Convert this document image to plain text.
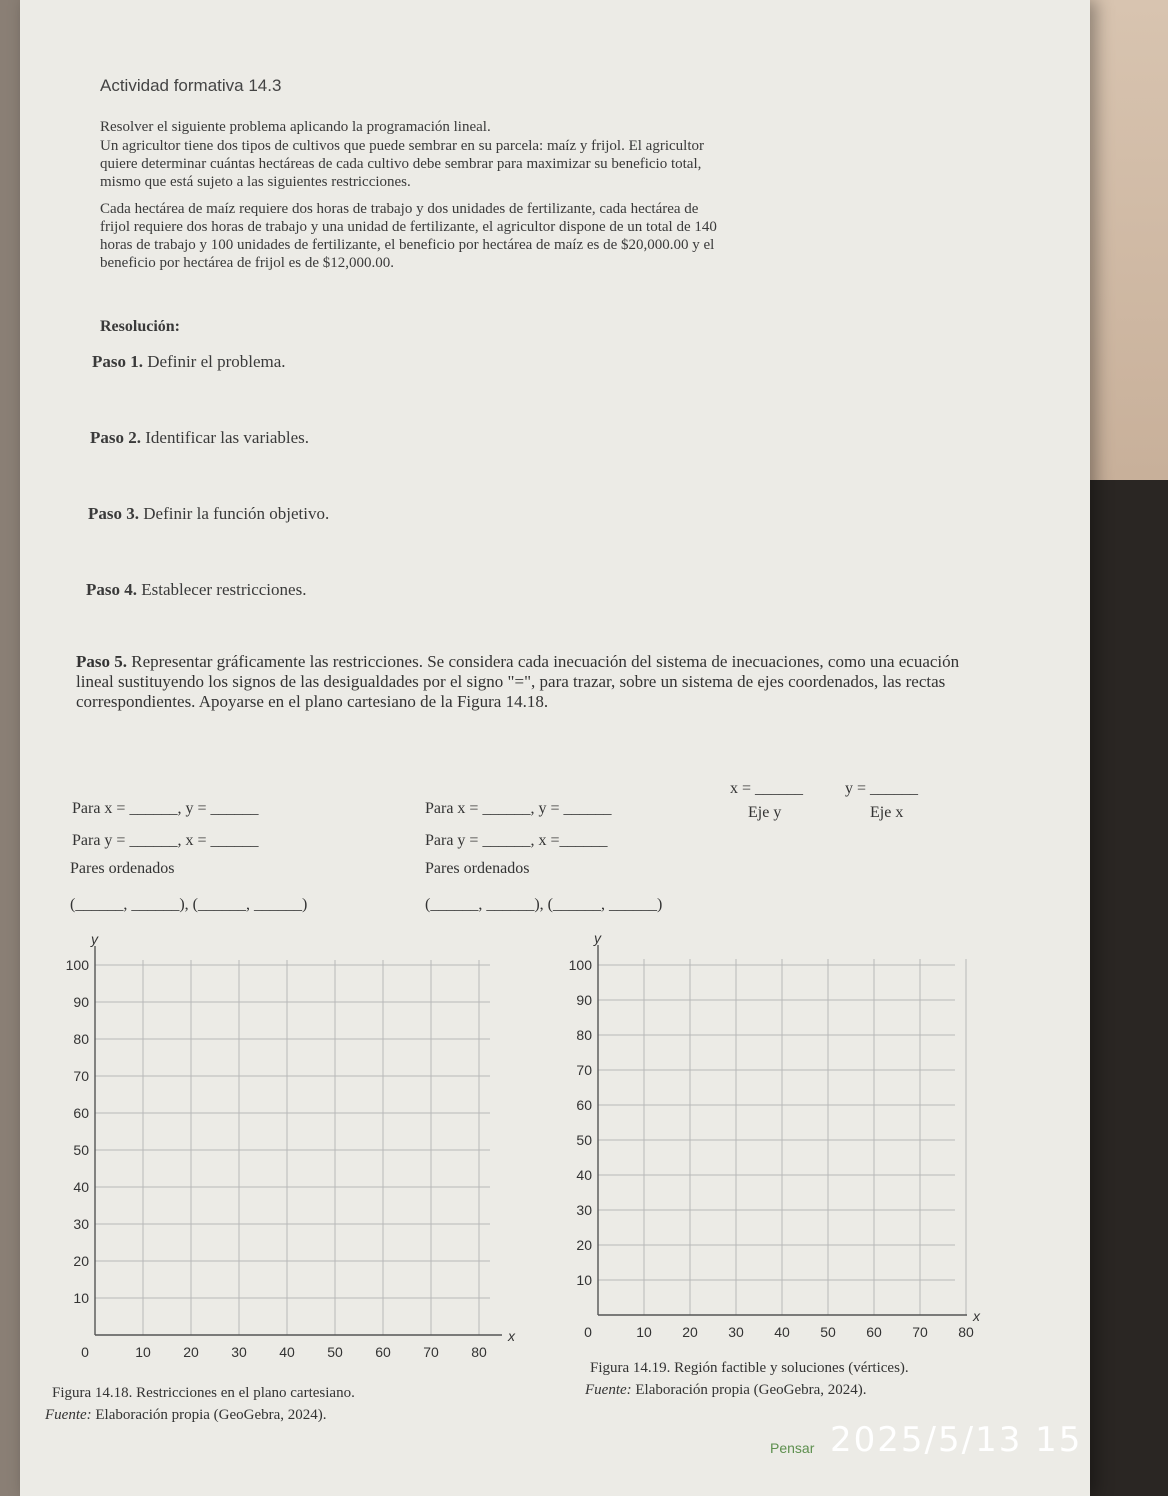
Actividad formativa 14.3
Resolver el siguiente problema aplicando la programación lineal.
Un agricultor tiene dos tipos de cultivos que puede sembrar en su parcela: maíz y frijol. El agricultor
quiere determinar cuántas hectáreas de cada cultivo debe sembrar para maximizar su beneficio total,
mismo que está sujeto a las siguientes restricciones.
Cada hectárea de maíz requiere dos horas de trabajo y dos unidades de fertilizante, cada hectárea de
frijol requiere dos horas de trabajo y una unidad de fertilizante, el agricultor dispone de un total de 140
horas de trabajo y 100 unidades de fertilizante, el beneficio por hectárea de maíz es de $20,000.00 y el
beneficio por hectárea de frijol es de $12,000.00.
Resolución:
Paso 1. Definir el problema.
Paso 2. Identificar las variables.
Paso 3. Definir la función objetivo.
Paso 4. Establecer restricciones.
Paso 5. Representar gráficamente las restricciones. Se considera cada inecuación del sistema de inecuaciones, como una ecuación lineal sustituyendo los signos de las desigualdades por el signo "=", para trazar, sobre un sistema de ejes coordenados, las rectas correspondientes. Apoyarse en el plano cartesiano de la Figura 14.18.
x = ______	y = ______
Eje y	Eje x
Para x = ______, y = ______
Para y = ______, x = ______
Pares ordenados
(______, ______), (______, ______)
Para x = ______, y = ______
Para y = ______, x =______
Pares ordenados
(______, ______), (______, ______)
100
90
80
70
60
50
40
30
20
10
0	10 20 30 40 50 60 70 80
y
x
100
90
80
70
60
50
40
30
20
10
0	10 20 30 40 50 60 70 80
y
x
Figura 14.18. Restricciones en el plano cartesiano.
Fuente: Elaboración propia (GeoGebra, 2024).
Figura 14.19. Región factible y soluciones (vértices).
Fuente: Elaboración propia (GeoGebra, 2024).
Pensar 2025/5/13 15
